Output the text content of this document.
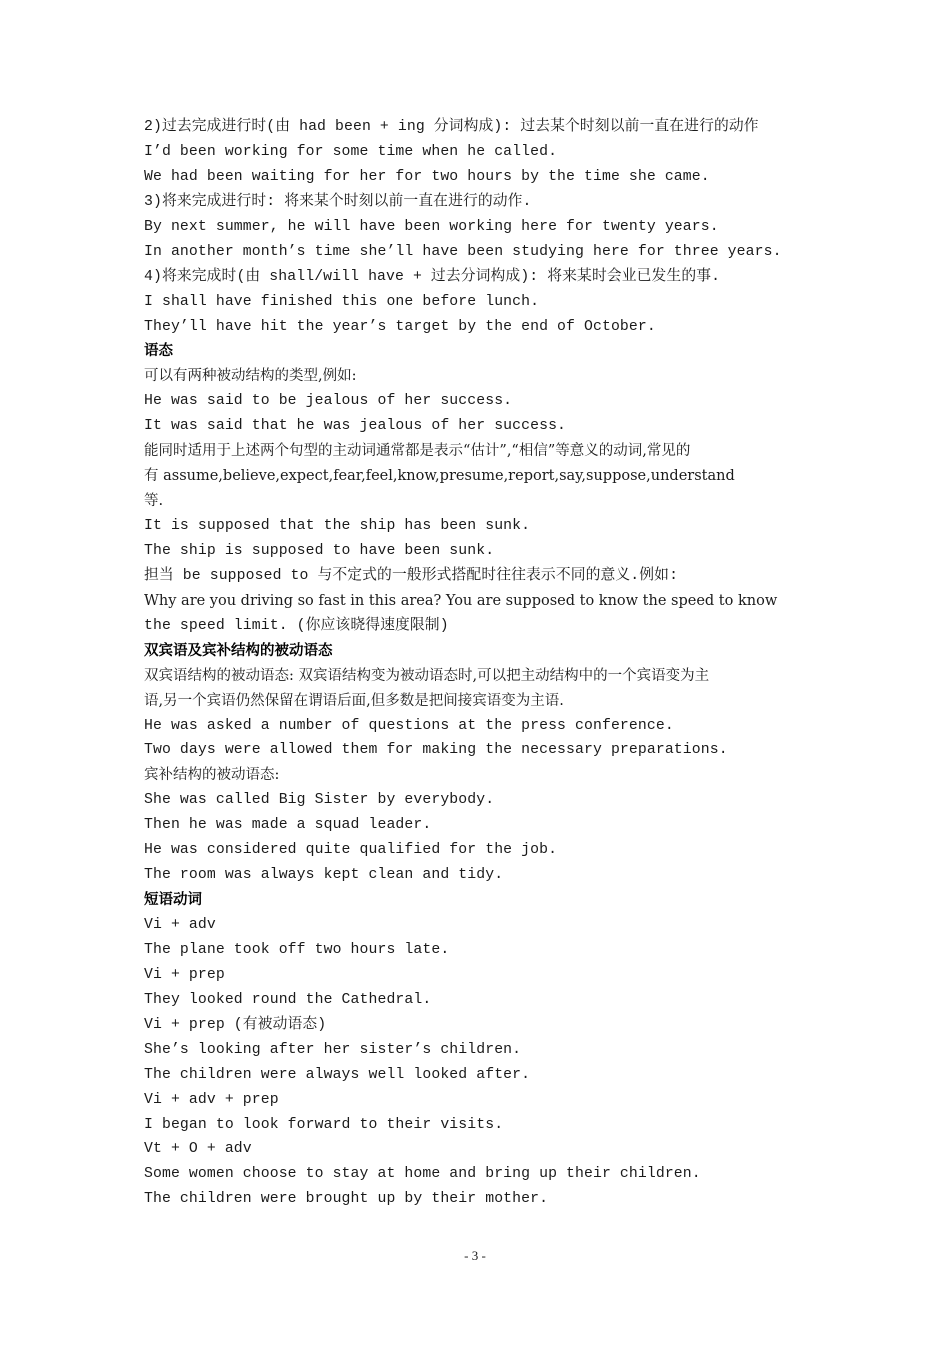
2)过去完成进行时(由 had been + ing 分词构成): 过去某个时刻以前一直在进行的动作
I’d been working for some time when he called.
We had been waiting for her for two hours by the time she came.
3)将来完成进行时: 将来某个时刻以前一直在进行的动作.
By next summer, he will have been working here for twenty years.
In another month’s time she’ll have been studying here for three years.
4)将来完成时(由 shall/will have + 过去分词构成): 将来某时会业已发生的事.
I shall have finished this one before lunch.
They’ll have hit the year’s target by the end of October.
语态
可以有两种被动结构的类型,例如:
He was said to be jealous of her success.
It was said that he was jealous of her success.
能同时适用于上述两个句型的主动词通常都是表示“估计”,“相信”等意义的动词,常见的
有 assume,believe,expect,fear,feel,know,presume,report,say,suppose,understand
等.
It is supposed that the ship has been sunk.
The ship is supposed to have been sunk.
担当 be supposed to 与不定式的一般形式搭配时往往表示不同的意义.例如:
Why are you driving so fast in this area? You are supposed to know the speed to know
the speed limit. (你应该晓得速度限制)
双宾语及宾补结构的被动语态
双宾语结构的被动语态: 双宾语结构变为被动语态时,可以把主动结构中的一个宾语变为主
语,另一个宾语仍然保留在谓语后面,但多数是把间接宾语变为主语.
He was asked a number of questions at the press conference.
Two days were allowed them for making the necessary preparations.
宾补结构的被动语态:
She was called Big Sister by everybody.
Then he was made a squad leader.
He was considered quite qualified for the job.
The room was always kept clean and tidy.
短语动词
Vi + adv
The plane took off two hours late.
Vi + prep
They looked round the Cathedral.
Vi + prep (有被动语态)
She’s looking after her sister’s children.
The children were always well looked after.
Vi + adv + prep
I began to look forward to their visits.
Vt + O + adv
Some women choose to stay at home and bring up their children.
The children were brought up by their mother.
- 3 -
